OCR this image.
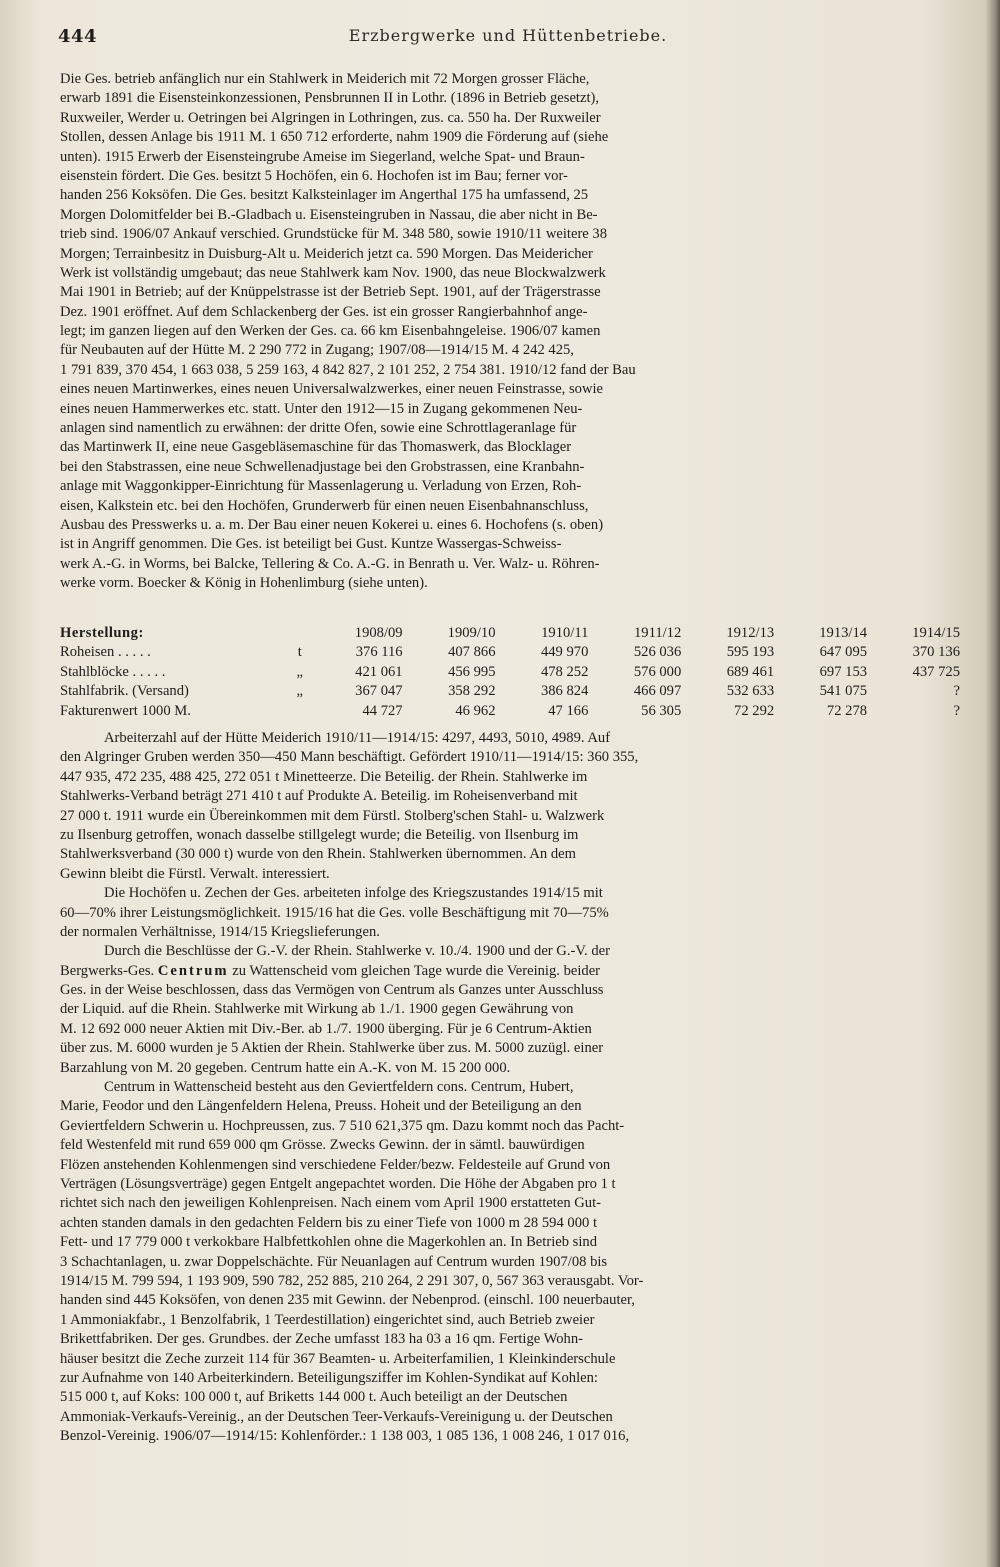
444	Erzbergwerke und Hüttenbetriebe.
Die Ges. betrieb anfänglich nur ein Stahlwerk in Meiderich mit 72 Morgen grosser Fläche,
erwarb 1891 die Eisensteinkonzessionen, Pensbrunnen II in Lothr. (1896 in Betrieb gesetzt),
Ruxweiler, Werder u. Oetringen bei Algringen in Lothringen, zus. ca. 550 ha. Der Ruxweiler
Stollen, dessen Anlage bis 1911 M. 1 650 712 erforderte, nahm 1909 die Förderung auf (siehe
unten). 1915 Erwerb der Eisensteingrube Ameise im Siegerland, welche Spat- und Braun-
eisenstein fördert. Die Ges. besitzt 5 Hochöfen, ein 6. Hochofen ist im Bau; ferner vor-
handen 256 Koksöfen. Die Ges. besitzt Kalksteinlager im Angerthal 175 ha umfassend, 25
Morgen Dolomitfelder bei B.-Gladbach u. Eisensteingruben in Nassau, die aber nicht in Be-
trieb sind. 1906/07 Ankauf verschied. Grundstücke für M. 348 580, sowie 1910/11 weitere 38
Morgen; Terrainbesitz in Duisburg-Alt u. Meiderich jetzt ca. 590 Morgen. Das Meidericher
Werk ist vollständig umgebaut; das neue Stahlwerk kam Nov. 1900, das neue Blockwalzwerk
Mai 1901 in Betrieb; auf der Knüppelstrasse ist der Betrieb Sept. 1901, auf der Trägerstrasse
Dez. 1901 eröffnet. Auf dem Schlackenberg der Ges. ist ein grosser Rangierbahnhof ange-
legt; im ganzen liegen auf den Werken der Ges. ca. 66 km Eisenbahngeleise. 1906/07 kamen
für Neubauten auf der Hütte M. 2 290 772 in Zugang; 1907/08—1914/15 M. 4 242 425,
1 791 839, 370 454, 1 663 038, 5 259 163, 4 842 827, 2 101 252, 2 754 381. 1910/12 fand der Bau
eines neuen Martinwerkes, eines neuen Universalwalzwerkes, einer neuen Feinstrasse, sowie
eines neuen Hammerwerkes etc. statt. Unter den 1912—15 in Zugang gekommenen Neu-
anlagen sind namentlich zu erwähnen: der dritte Ofen, sowie eine Schrottlageranlage für
das Martinwerk II, eine neue Gasgebläsemaschine für das Thomaswerk, das Blocklager
bei den Stabstrassen, eine neue Schwellenadjustage bei den Grobstrassen, eine Kranbahn-
anlage mit Waggonkipper-Einrichtung für Massenlagerung u. Verladung von Erzen, Roh-
eisen, Kalkstein etc. bei den Hochöfen, Grunderwerb für einen neuen Eisenbahnanschluss,
Ausbau des Presswerks u. a. m. Der Bau einer neuen Kokerei u. eines 6. Hochofens (s. oben)
ist in Angriff genommen. Die Ges. ist beteiligt bei Gust. Kuntze Wassergas-Schweiss-
werk A.-G. in Worms, bei Balcke, Tellering & Co. A.-G. in Benrath u. Ver. Walz- u. Röhren-
werke vorm. Boecker & König in Hohenlimburg (siehe unten).
Herstellung:		1908/09	1909/10	1910/11	1911/12	1912/13	1913/14	1914/15
Roheisen . . . . .	t	376 116	407 866	449 970	526 036	595 193	647 095	370 136
Stahlblöcke . . . . .	„	421 061	456 995	478 252	576 000	689 461	697 153	437 725
Stahlfabrik. (Versand)	„	367 047	358 292	386 824	466 097	532 633	541 075	?
Fakturenwert 1000 M.		44 727	46 962	47 166	56 305	72 292	72 278	?
Arbeiterzahl auf der Hütte Meiderich 1910/11—1914/15: 4297, 4493, 5010, 4989. Auf
den Algringer Gruben werden 350—450 Mann beschäftigt. Gefördert 1910/11—1914/15: 360 355,
447 935, 472 235, 488 425, 272 051 t Minetteerze. Die Beteilig. der Rhein. Stahlwerke im
Stahlwerks-Verband beträgt 271 410 t auf Produkte A. Beteilig. im Roheisenverband mit
27 000 t. 1911 wurde ein Übereinkommen mit dem Fürstl. Stolberg'schen Stahl- u. Walzwerk
zu Ilsenburg getroffen, wonach dasselbe stillgelegt wurde; die Beteilig. von Ilsenburg im
Stahlwerksverband (30 000 t) wurde von den Rhein. Stahlwerken übernommen. An dem
Gewinn bleibt die Fürstl. Verwalt. interessiert.
Die Hochöfen u. Zechen der Ges. arbeiteten infolge des Kriegszustandes 1914/15 mit
60—70% ihrer Leistungsmöglichkeit. 1915/16 hat die Ges. volle Beschäftigung mit 70—75%
der normalen Verhältnisse, 1914/15 Kriegslieferungen.
Durch die Beschlüsse der G.-V. der Rhein. Stahlwerke v. 10./4. 1900 und der G.-V. der
Bergwerks-Ges. Centrum zu Wattenscheid vom gleichen Tage wurde die Vereinig. beider
Ges. in der Weise beschlossen, dass das Vermögen von Centrum als Ganzes unter Ausschluss
der Liquid. auf die Rhein. Stahlwerke mit Wirkung ab 1./1. 1900 gegen Gewährung von
M. 12 692 000 neuer Aktien mit Div.-Ber. ab 1./7. 1900 überging. Für je 6 Centrum-Aktien
über zus. M. 6000 wurden je 5 Aktien der Rhein. Stahlwerke über zus. M. 5000 zuzügl. einer
Barzahlung von M. 20 gegeben. Centrum hatte ein A.-K. von M. 15 200 000.
Centrum in Wattenscheid besteht aus den Geviertfeldern cons. Centrum, Hubert,
Marie, Feodor und den Längenfeldern Helena, Preuss. Hoheit und der Beteiligung an den
Geviertfeldern Schwerin u. Hochpreussen, zus. 7 510 621,375 qm. Dazu kommt noch das Pacht-
feld Westenfeld mit rund 659 000 qm Grösse. Zwecks Gewinn. der in sämtl. bauwürdigen
Flözen anstehenden Kohlenmengen sind verschiedene Felder/bezw. Feldesteile auf Grund von
Verträgen (Lösungsverträge) gegen Entgelt angepachtet worden. Die Höhe der Abgaben pro 1 t
richtet sich nach den jeweiligen Kohlenpreisen. Nach einem vom April 1900 erstatteten Gut-
achten standen damals in den gedachten Feldern bis zu einer Tiefe von 1000 m 28 594 000 t
Fett- und 17 779 000 t verkokbare Halbfettkohlen ohne die Magerkohlen an. In Betrieb sind
3 Schachtanlagen, u. zwar Doppelschächte. Für Neuanlagen auf Centrum wurden 1907/08 bis
1914/15 M. 799 594, 1 193 909, 590 782, 252 885, 210 264, 2 291 307, 0, 567 363 verausgabt. Vor-
handen sind 445 Koksöfen, von denen 235 mit Gewinn. der Nebenprod. (einschl. 100 neuerbauter,
1 Ammoniakfabr., 1 Benzolfabrik, 1 Teerdestillation) eingerichtet sind, auch Betrieb zweier
Brikettfabriken. Der ges. Grundbes. der Zeche umfasst 183 ha 03 a 16 qm. Fertige Wohn-
häuser besitzt die Zeche zurzeit 114 für 367 Beamten- u. Arbeiterfamilien, 1 Kleinkinderschule
zur Aufnahme von 140 Arbeiterkindern. Beteiligungsziffer im Kohlen-Syndikat auf Kohlen:
515 000 t, auf Koks: 100 000 t, auf Briketts 144 000 t. Auch beteiligt an der Deutschen
Ammoniak-Verkaufs-Vereinig., an der Deutschen Teer-Verkaufs-Vereinigung u. der Deutschen
Benzol-Vereinig. 1906/07—1914/15: Kohlenförder.: 1 138 003, 1 085 136, 1 008 246, 1 017 016,
